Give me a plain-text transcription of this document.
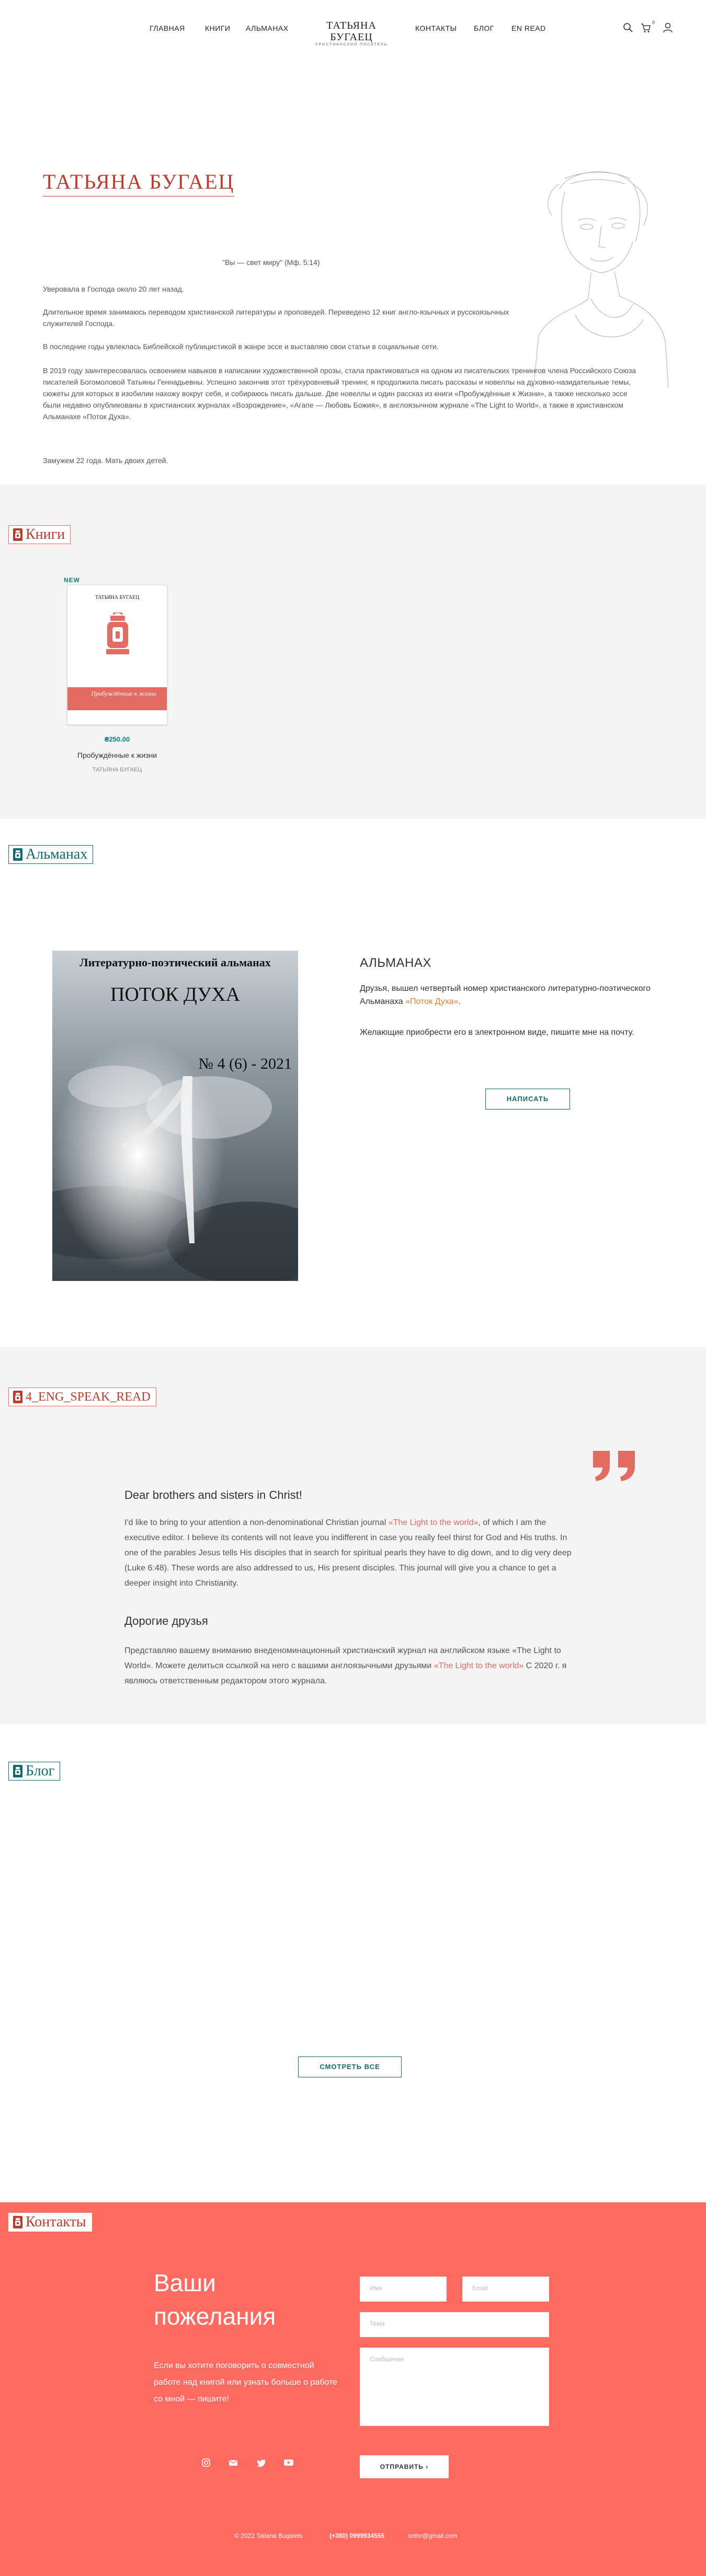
ГЛАВНАЯ	КНИГИ АЛЬМАНАХ	КОНТАКТЫ БЛОГ EN READ
ТАТЬЯНА БУГАЕЦ
ХРИСТИАНСКИЙ ПИСАТЕЛЬ
0
ТАТЬЯНА БУГАЕЦ
"Вы — свет миру" (Мф. 5:14)

Уверовала в Господа около 20 лет назад.

Длительное время занимаюсь переводом христианской литературы и проповедей. Переведено 12 книг англо-язычных и русскоязычных служителей Господа.

В последние годы увлеклась Библейской публицистикой в жанре эссе и выставляю свои статьи в социальные сети.

В 2019 году заинтересовалась освоением навыков в написании художественной прозы, стала практиковаться на одном из писательских тренингов члена Российского Союза писателей Богомоловой Татьяны Геннадьевны. Успешно закончив этот трёхуровневый тренинг, я продолжила писать рассказы и новеллы на духовно-назидательные темы, сюжеты для которых в изобилии нахожу вокруг себя, и собираюсь писать дальше. Две новеллы и один рассказ из книги «Пробуждённые к Жизни», а также несколько эссе были недавно опубликованы в христианских журналах «Возрождение», «Агапе — Любовь Божия», в англоязычном журнале «The Light to World», а также в христианском Альманахе «Поток Духа».

Замужем 22 года. Мать двоих детей.

Книги
NEW
ТАТЬЯНА БУГАЕЦ
Пробуждённые к жизни
₴250.00
Пробуждённые к жизни
ТАТЬЯНА БУГАЕЦ
Альманах
Литературно-поэтический альманах
ПОТОК ДУХА
№ 4 (6) - 2021
АЛЬМАНАХ

Друзья, вышел четвертый номер христианского литературно-поэтического Альманаха «Поток Духа».

Желающие приобрести его в электронном виде, пишите мне на почту.

НАПИСАТЬ
4_ENG_SPEAK_READ
Dear brothers and sisters in Christ!

I'd like to bring to your attention a non-denominational Christian journal «The Light to the world», of which I am the executive editor. I believe its contents will not leave you indifferent in case you really feel thirst for God and His truths. In one of the parables Jesus tells His disciples that in search for spiritual pearls they have to dig down, and to dig very deep (Luke 6:48). These words are also addressed to us, His present disciples. This journal will give you a chance to get a deeper insight into Christianity.

Дорогие друзья

Представляю вашему вниманию внеденоминационный христианский журнал на английском языке «The Light to World». Можете делиться ссылкой на него с вашими англоязычными друзьями «The Light to the world» С 2020 г. я являюсь ответственным редактором этого журнала.

Блог
СМОТРЕТЬ ВСЕ
Контакты
Ваши
пожелания

Если вы хотите поговорить о совместной работе над книгой или узнать больше о работе со мной — пишите!

Имя	Email
Тема
Сообщение
ОТПРАВИТЬ ›
© 2022 Tatiana Bugaiets	(+380) 0999934555	onfor@gmail.com
